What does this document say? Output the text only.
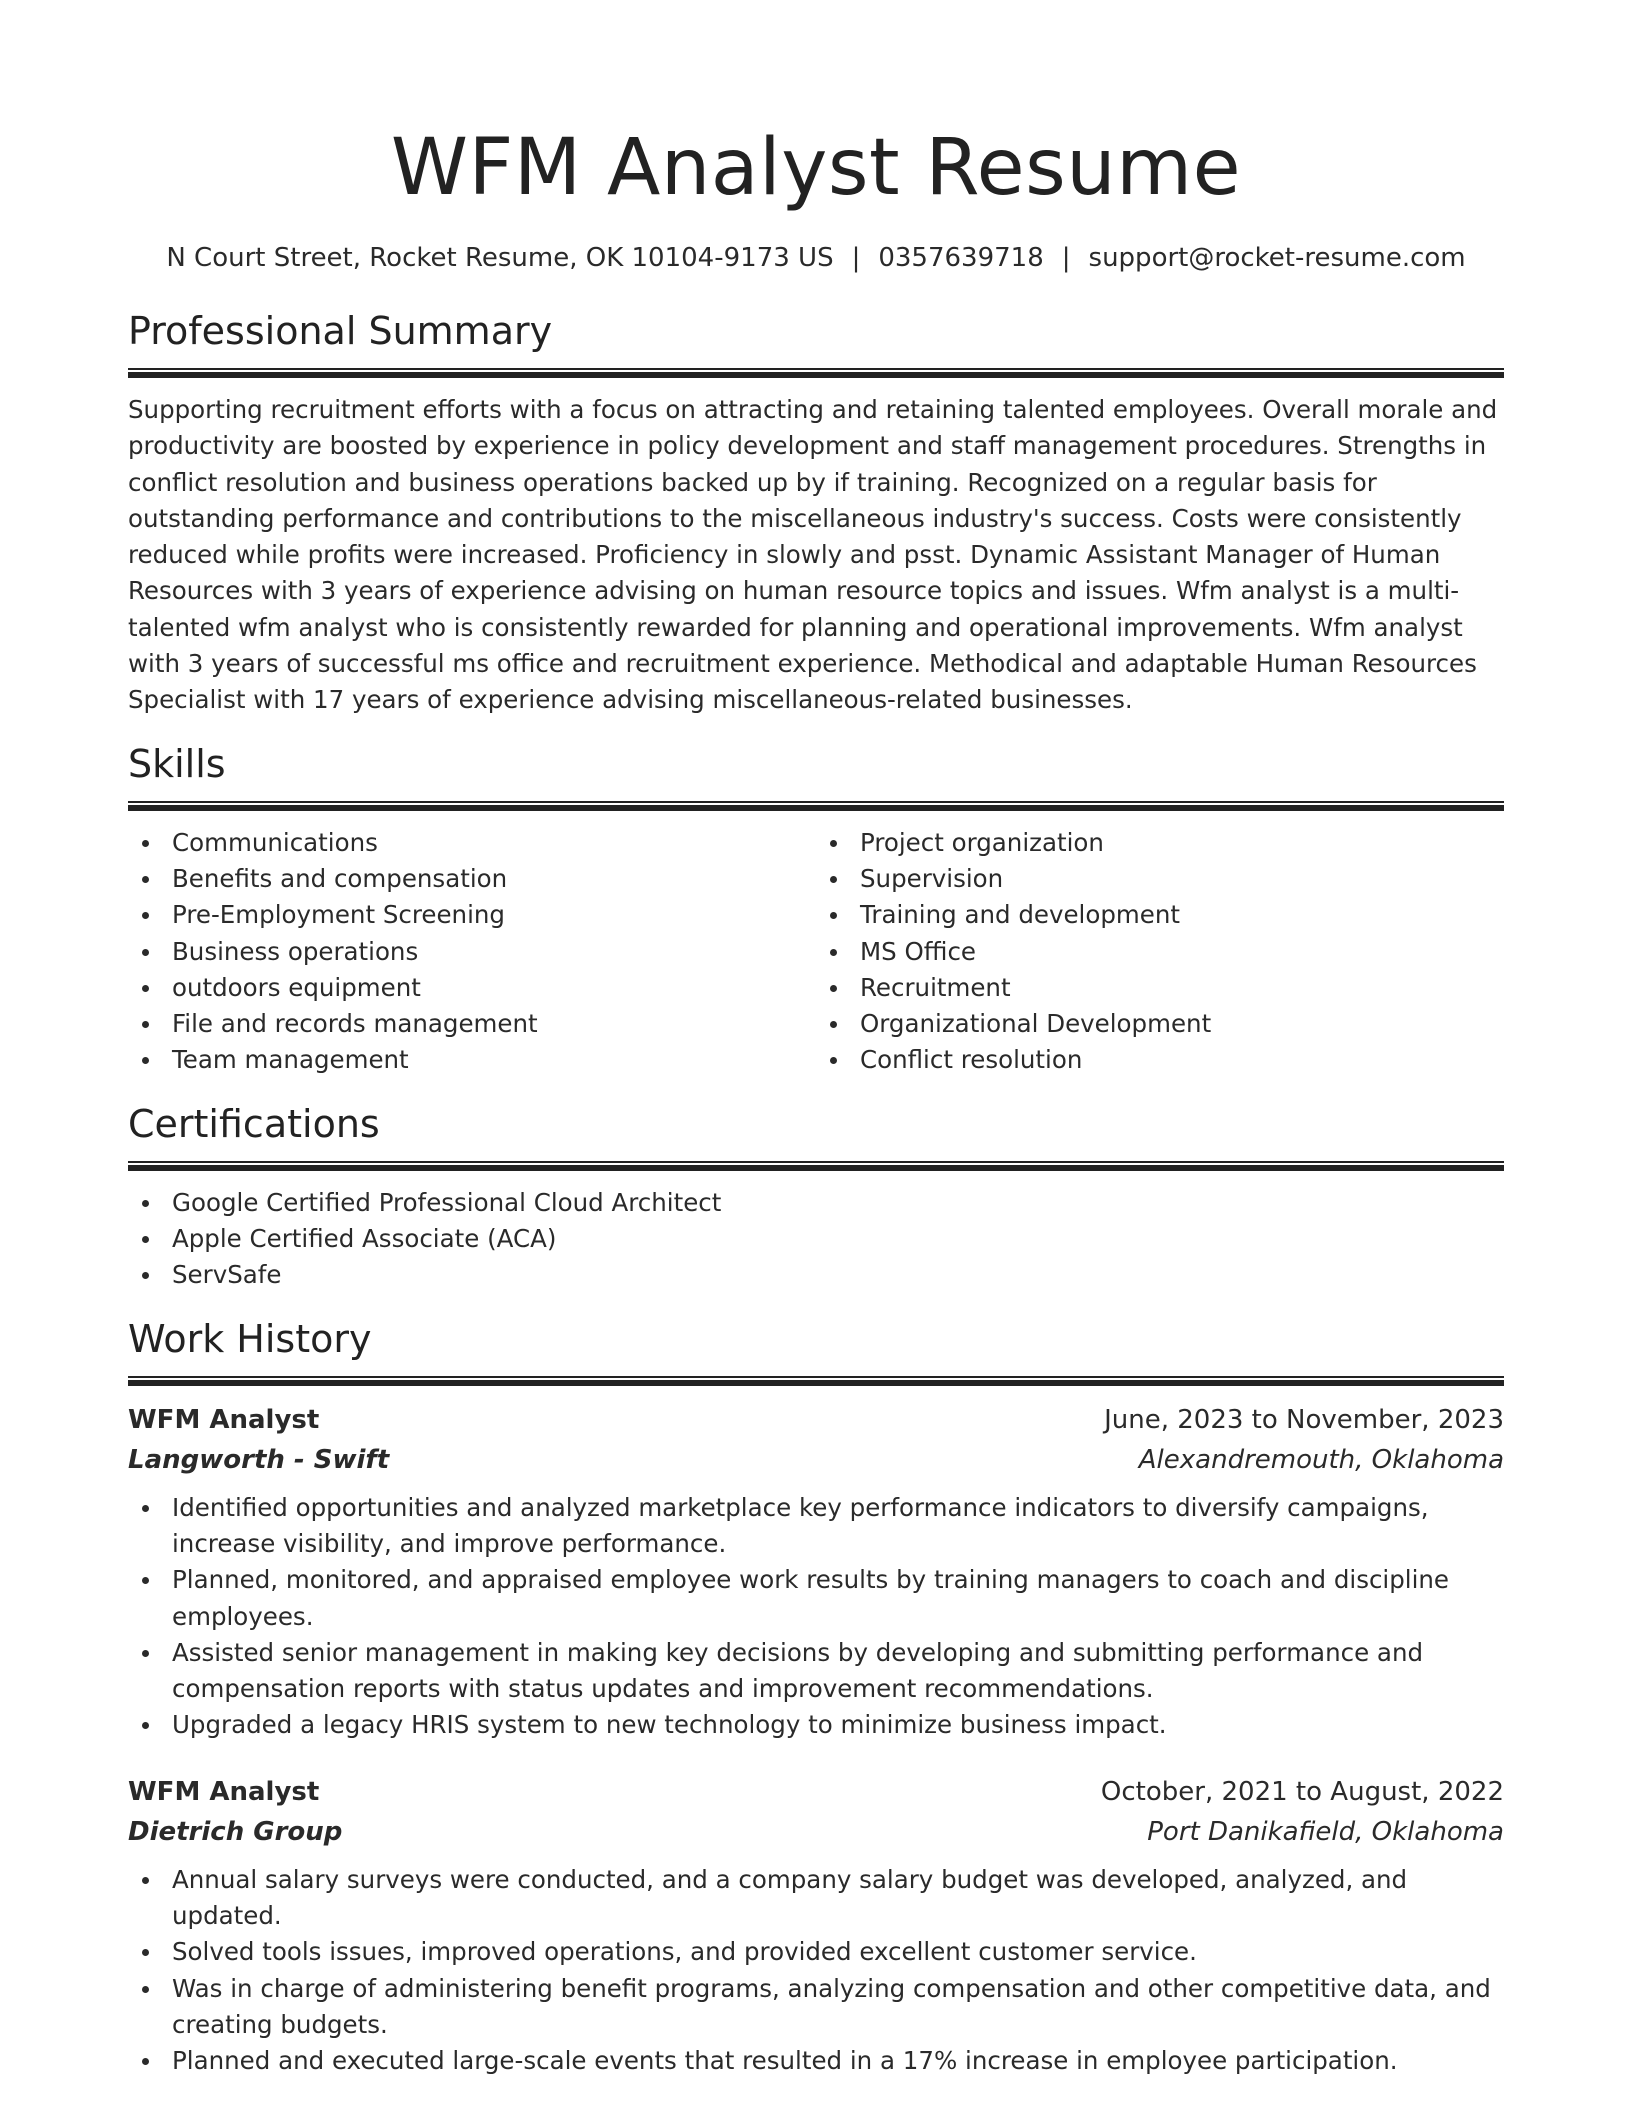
WFM Analyst Resume
N Court Street, Rocket Resume, OK 10104-9173 US | 0357639718 | support@rocket-resume.com
Professional Summary

Supporting recruitment efforts with a focus on attracting and retaining talented employees. Overall morale and productivity are boosted by experience in policy development and staff management procedures. Strengths in conflict resolution and business operations backed up by if training. Recognized on a regular basis for outstanding performance and contributions to the miscellaneous industry's success. Costs were consistently reduced while profits were increased. Proficiency in slowly and psst. Dynamic Assistant Manager of Human Resources with 3 years of experience advising on human resource topics and issues. Wfm analyst is a multi-talented wfm analyst who is consistently rewarded for planning and operational improvements. Wfm analyst with 3 years of successful ms office and recruitment experience. Methodical and adaptable Human Resources Specialist with 17 years of experience advising miscellaneous-related businesses.

Skills
Communications
Benefits and compensation
Pre-Employment Screening
Business operations
outdoors equipment
File and records management
Team management
Project organization
Supervision
Training and development
MS Office
Recruitment
Organizational Development
Conflict resolution
Certifications
Google Certified Professional Cloud Architect
Apple Certified Associate (ACA)
ServSafe
Work History
WFM Analyst	June, 2023 to November, 2023
Langworth - Swift	Alexandremouth, Oklahoma
Identified opportunities and analyzed marketplace key performance indicators to diversify campaigns, increase visibility, and improve performance.
Planned, monitored, and appraised employee work results by training managers to coach and discipline employees.
Assisted senior management in making key decisions by developing and submitting performance and compensation reports with status updates and improvement recommendations.
Upgraded a legacy HRIS system to new technology to minimize business impact.
WFM Analyst	October, 2021 to August, 2022
Dietrich Group	Port Danikafield, Oklahoma
Annual salary surveys were conducted, and a company salary budget was developed, analyzed, and updated.
Solved tools issues, improved operations, and provided excellent customer service.
Was in charge of administering benefit programs, analyzing compensation and other competitive data, and creating budgets.
Planned and executed large-scale events that resulted in a 17% increase in employee participation.
